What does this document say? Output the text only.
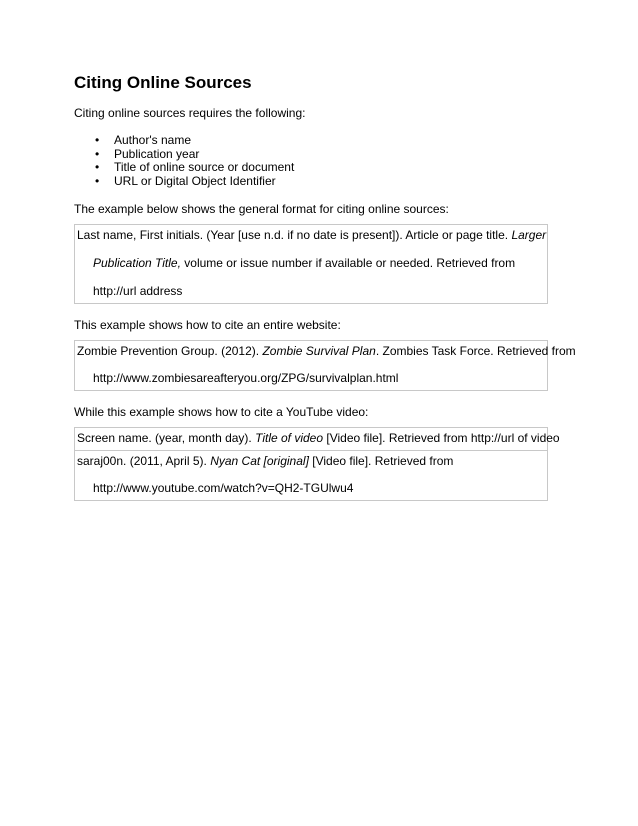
Citing Online Sources

Citing online sources requires the following:

• Author's name
• Publication year
• Title of online source or document
• URL or Digital Object Identifier

The example below shows the general format for citing online sources:

Last name, First initials. (Year [use n.d. if no date is present]). Article or page title. Larger
Publication Title, volume or issue number if available or needed. Retrieved from
http://url address

This example shows how to cite an entire website:

Zombie Prevention Group. (2012). Zombie Survival Plan. Zombies Task Force. Retrieved from
http://www.zombiesareafteryou.org/ZPG/survivalplan.html

While this example shows how to cite a YouTube video:

Screen name. (year, month day). Title of video [Video file]. Retrieved from http://url of video
saraj00n. (2011, April 5). Nyan Cat [original] [Video file]. Retrieved from
http://www.youtube.com/watch?v=QH2-TGUlwu4
